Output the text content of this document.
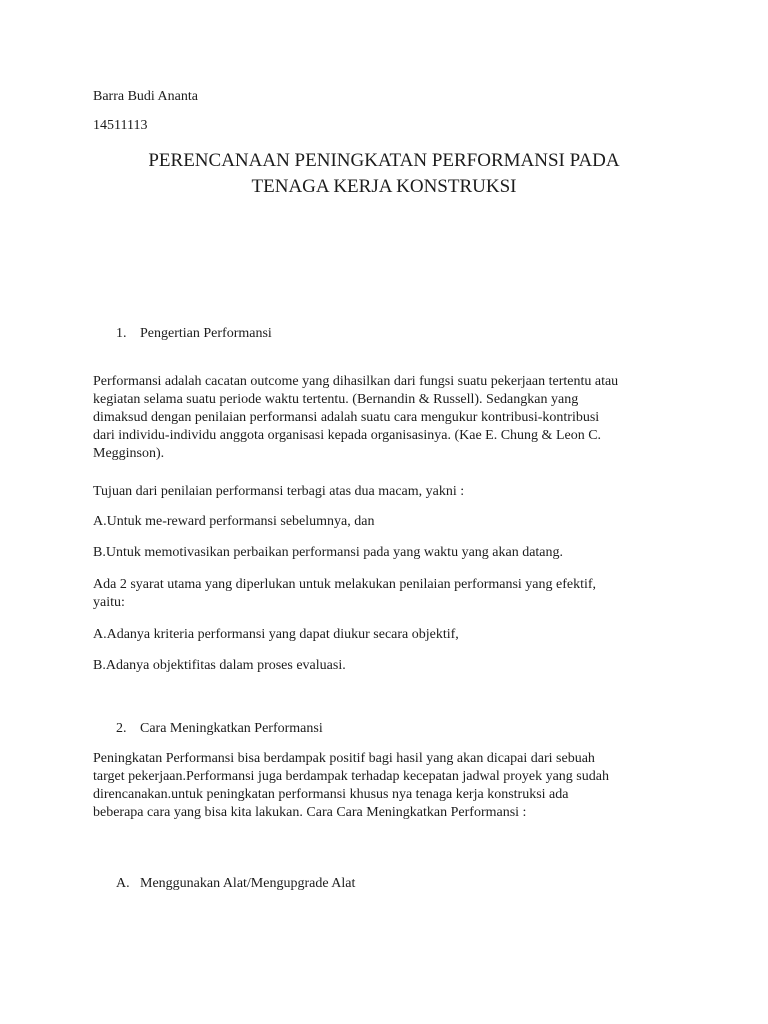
Barra Budi Ananta

14511113

PERENCANAAN PENINGKATAN PERFORMANSI PADA
TENAGA KERJA KONSTRUKSI

1. Pengertian Performansi

Performansi adalah cacatan outcome yang dihasilkan dari fungsi suatu pekerjaan tertentu atau
kegiatan selama suatu periode waktu tertentu. (Bernandin & Russell). Sedangkan yang
dimaksud dengan penilaian performansi adalah suatu cara mengukur kontribusi-kontribusi
dari individu-individu anggota organisasi kepada organisasinya. (Kae E. Chung & Leon C.
Megginson).

Tujuan dari penilaian performansi terbagi atas dua macam, yakni :

A.Untuk me-reward performansi sebelumnya, dan

B.Untuk memotivasikan perbaikan performansi pada yang waktu yang akan datang.

Ada 2 syarat utama yang diperlukan untuk melakukan penilaian performansi yang efektif,
yaitu:

A.Adanya kriteria performansi yang dapat diukur secara objektif,

B.Adanya objektifitas dalam proses evaluasi.

2. Cara Meningkatkan Performansi

Peningkatan Performansi bisa berdampak positif bagi hasil yang akan dicapai dari sebuah
target pekerjaan.Performansi juga berdampak terhadap kecepatan jadwal proyek yang sudah
direncanakan.untuk peningkatan performansi khusus nya tenaga kerja konstruksi ada
beberapa cara yang bisa kita lakukan. Cara Cara Meningkatkan Performansi :

A. Menggunakan Alat/Mengupgrade Alat
